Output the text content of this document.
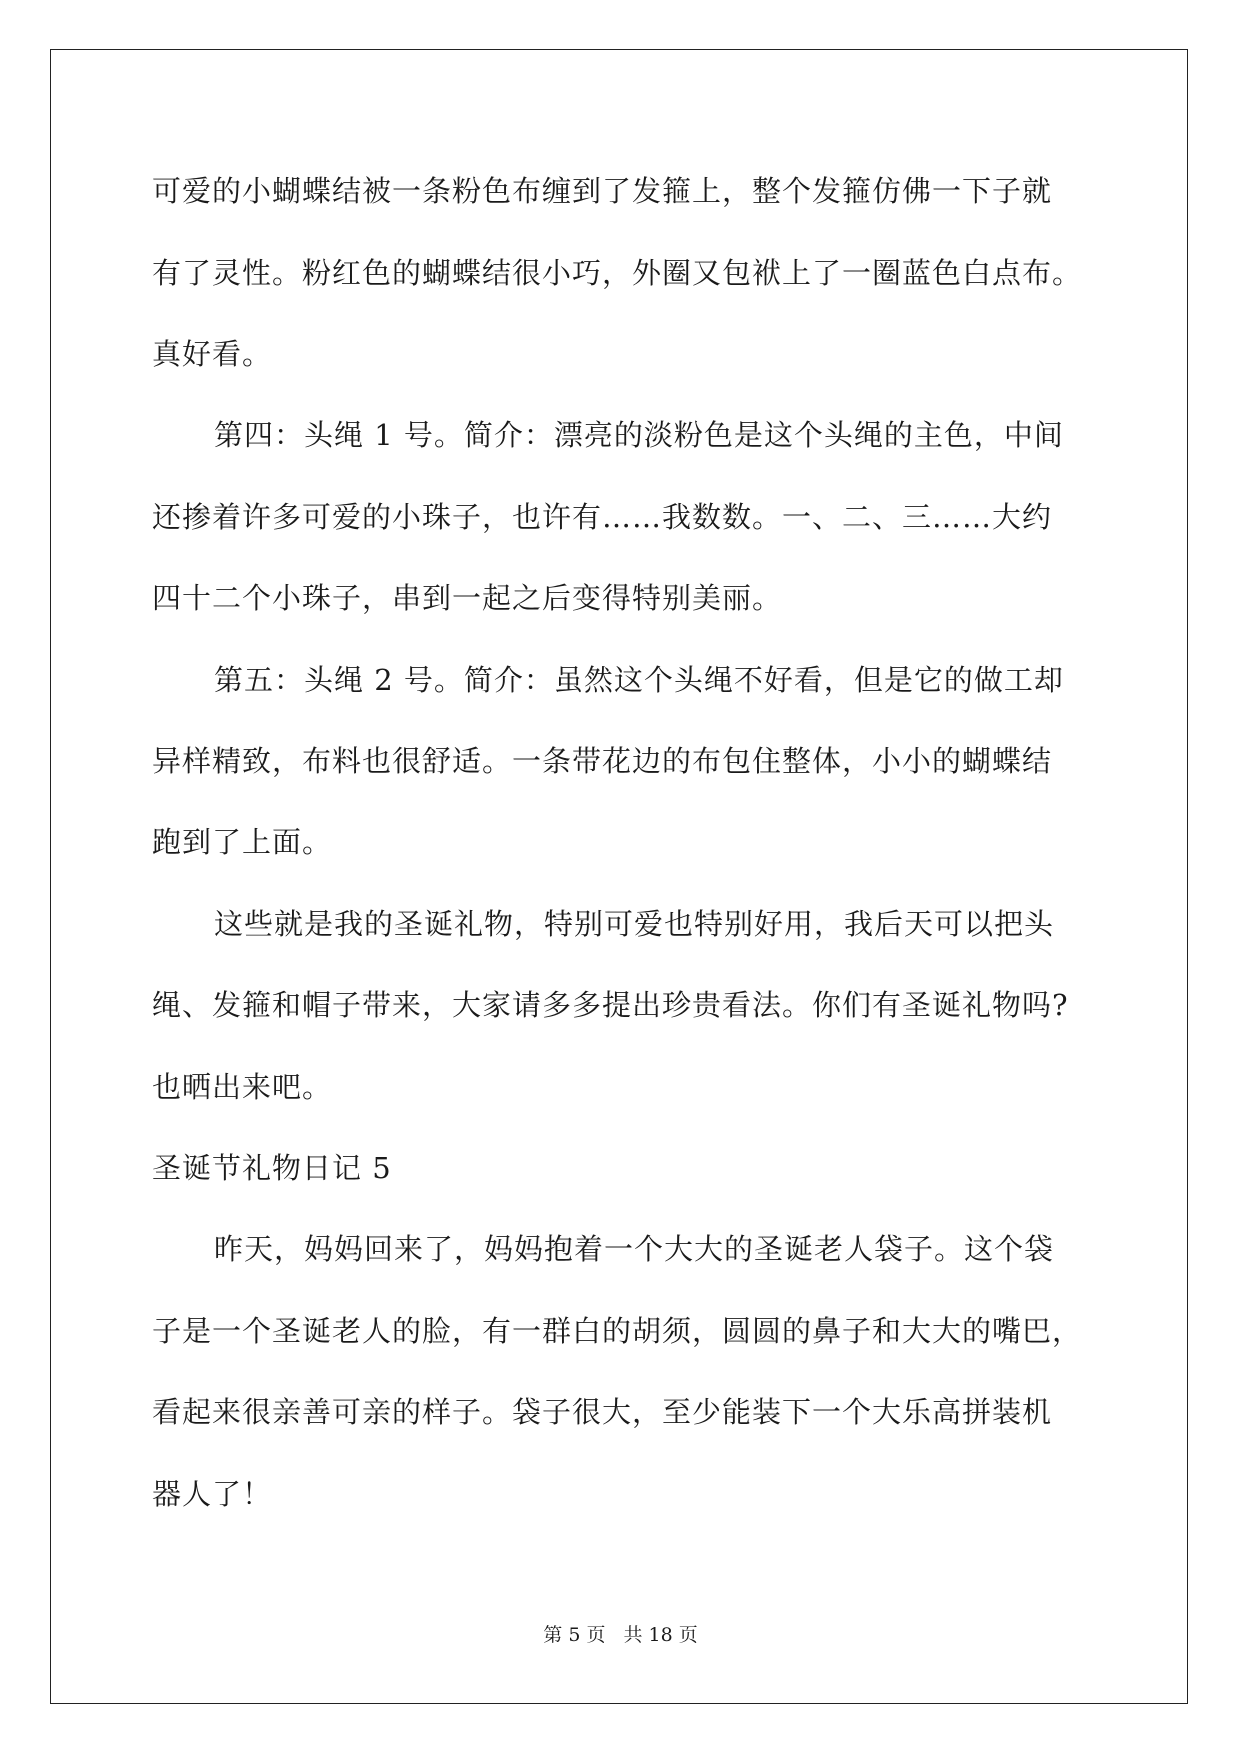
可爱的小蝴蝶结被一条粉色布缠到了发箍上，整个发箍仿佛一下子就
有了灵性。粉红色的蝴蝶结很小巧，外圈又包袱上了一圈蓝色白点布。
真好看。
第四：头绳 1 号。简介：漂亮的淡粉色是这个头绳的主色，中间
还掺着许多可爱的小珠子，也许有……我数数。一、二、三……大约
四十二个小珠子，串到一起之后变得特别美丽。
第五：头绳 2 号。简介：虽然这个头绳不好看，但是它的做工却
异样精致，布料也很舒适。一条带花边的布包住整体，小小的蝴蝶结
跑到了上面。
这些就是我的圣诞礼物，特别可爱也特别好用，我后天可以把头
绳、发箍和帽子带来，大家请多多提出珍贵看法。你们有圣诞礼物吗?
也晒出来吧。
圣诞节礼物日记 5
昨天，妈妈回来了，妈妈抱着一个大大的圣诞老人袋子。这个袋
子是一个圣诞老人的脸，有一群白的胡须，圆圆的鼻子和大大的嘴巴，
看起来很亲善可亲的样子。袋子很大，至少能装下一个大乐高拼装机
器人了！
第 5 页 共 18 页
